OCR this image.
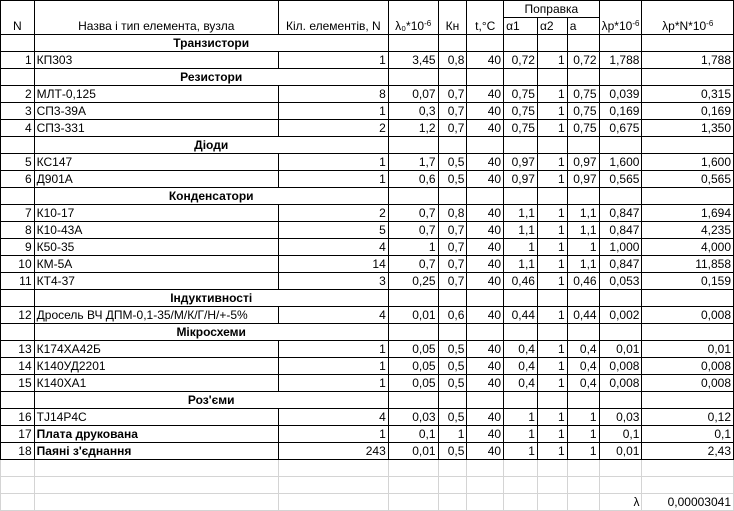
N	Назва і тип елемента, вузла	Кіл. елементів, N	$\lambda_0*10^{-6}$	Кн	t,°C	Поправка			$\lambda р*10^{-6}$	$\lambda р*N*10^{-6}$
						α1	α2	a		
	Транзистори									
1	КП303	1	3,45	0,8	40	0,72	1	0,72	1,788	1,788
	Резистори									
2	МЛТ-0,125	8	0,07	0,7	40	0,75	1	0,75	0,039	0,315
3	СП3-39А	1	0,3	0,7	40	0,75	1	0,75	0,169	0,169
4	СП3-331	2	1,2	0,7	40	0,75	1	0,75	0,675	1,350
	Діоди									
5	КС147	1	1,7	0,5	40	0,97	1	0,97	1,600	1,600
6	Д901А	1	0,6	0,5	40	0,97	1	0,97	0,565	0,565
	Конденсатори									
7	К10-17	2	0,7	0,8	40	1,1	1	1,1	0,847	1,694
8	К10-43А	5	0,7	0,7	40	1,1	1	1,1	0,847	4,235
9	К50-35	4	1	0,7	40	1	1	1	1,000	4,000
10	КМ-5А	14	0,7	0,7	40	1,1	1	1,1	0,847	11,858
11	КТ4-37	3	0,25	0,7	40	0,46	1	0,46	0,053	0,159
	Індуктивності									
12	Дросель ВЧ ДПМ-0,1-35/М/К/Г/Н/+-5%	4	0,01	0,6	40	0,44	1	0,44	0,002	0,008
	Мікросхеми									
13	К174ХА42Б	1	0,05	0,5	40	0,4	1	0,4	0,01	0,01
14	К140УД2201	1	0,05	0,5	40	0,4	1	0,4	0,008	0,008
15	К140ХА1	1	0,05	0,5	40	0,4	1	0,4	0,008	0,008
	Роз'єми									
16	TJ14P4C	4	0,03	0,5	40	1	1	1	0,03	0,12
17	Плата друкована	1	0,1	1	40	1	1	1	0,1	0,1
18	Паяні з'єднання	243	0,01	0,5	40	1	1	1	0,01	2,43

									λ	0,00003041
